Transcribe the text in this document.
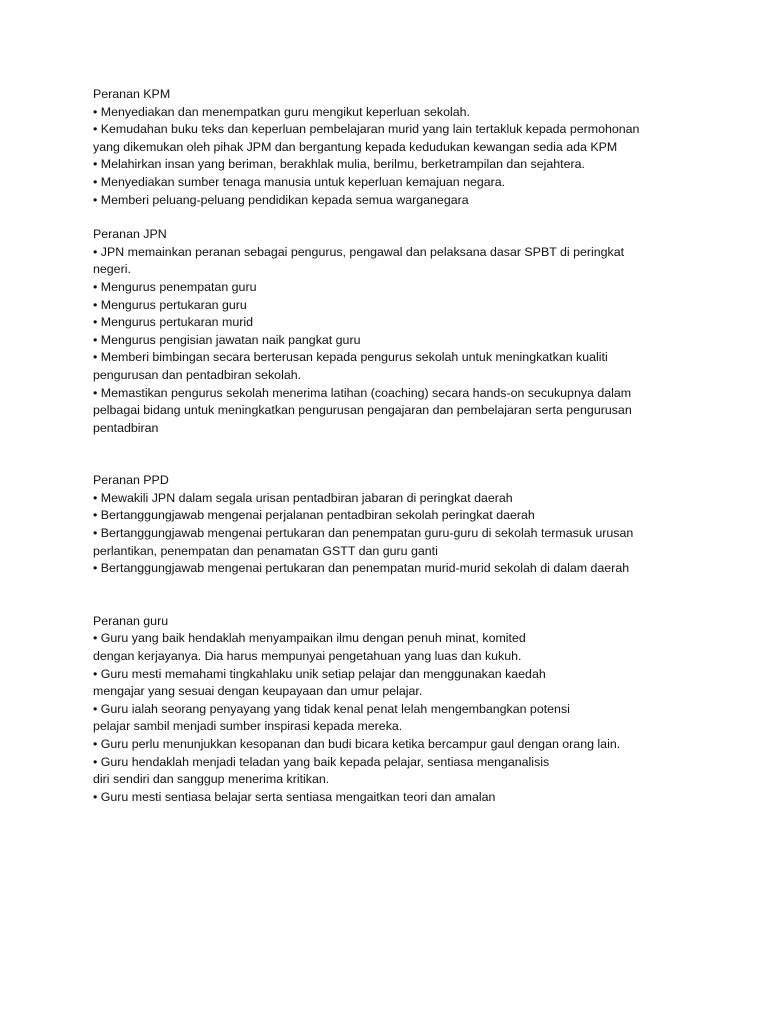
Peranan KPM
• Menyediakan dan menempatkan guru mengikut keperluan sekolah.
• Kemudahan buku teks dan keperluan pembelajaran murid yang lain tertakluk kepada permohonan
yang dikemukan oleh pihak JPM dan bergantung kepada kedudukan kewangan sedia ada KPM
• Melahirkan insan yang beriman, berakhlak mulia, berilmu, berketrampilan dan sejahtera.
• Menyediakan sumber tenaga manusia untuk keperluan kemajuan negara.
• Memberi peluang-peluang pendidikan kepada semua warganegara
Peranan JPN
• JPN memainkan peranan sebagai pengurus, pengawal dan pelaksana dasar SPBT di peringkat
negeri.
• Mengurus penempatan guru
• Mengurus pertukaran guru
• Mengurus pertukaran murid
• Mengurus pengisian jawatan naik pangkat guru
• Memberi bimbingan secara berterusan kepada pengurus sekolah untuk meningkatkan kualiti
pengurusan dan pentadbiran sekolah.
• Memastikan pengurus sekolah menerima latihan (coaching) secara hands-on secukupnya dalam
pelbagai bidang untuk meningkatkan pengurusan pengajaran dan pembelajaran serta pengurusan
pentadbiran
Peranan PPD
• Mewakili JPN dalam segala urisan pentadbiran jabaran di peringkat daerah
• Bertanggungjawab mengenai perjalanan pentadbiran sekolah peringkat daerah
• Bertanggungjawab mengenai pertukaran dan penempatan guru-guru di sekolah termasuk urusan
perlantikan, penempatan dan penamatan GSTT dan guru ganti
• Bertanggungjawab mengenai pertukaran dan penempatan murid-murid sekolah di dalam daerah
Peranan guru
• Guru yang baik hendaklah menyampaikan ilmu dengan penuh minat, komited
dengan kerjayanya. Dia harus mempunyai pengetahuan yang luas dan kukuh.
• Guru mesti memahami tingkahlaku unik setiap pelajar dan menggunakan kaedah
mengajar yang sesuai dengan keupayaan dan umur pelajar.
• Guru ialah seorang penyayang yang tidak kenal penat lelah mengembangkan potensi
pelajar sambil menjadi sumber inspirasi kepada mereka.
• Guru perlu menunjukkan kesopanan dan budi bicara ketika bercampur gaul dengan orang lain.
• Guru hendaklah menjadi teladan yang baik kepada pelajar, sentiasa menganalisis
diri sendiri dan sanggup menerima kritikan.
• Guru mesti sentiasa belajar serta sentiasa mengaitkan teori dan amalan
